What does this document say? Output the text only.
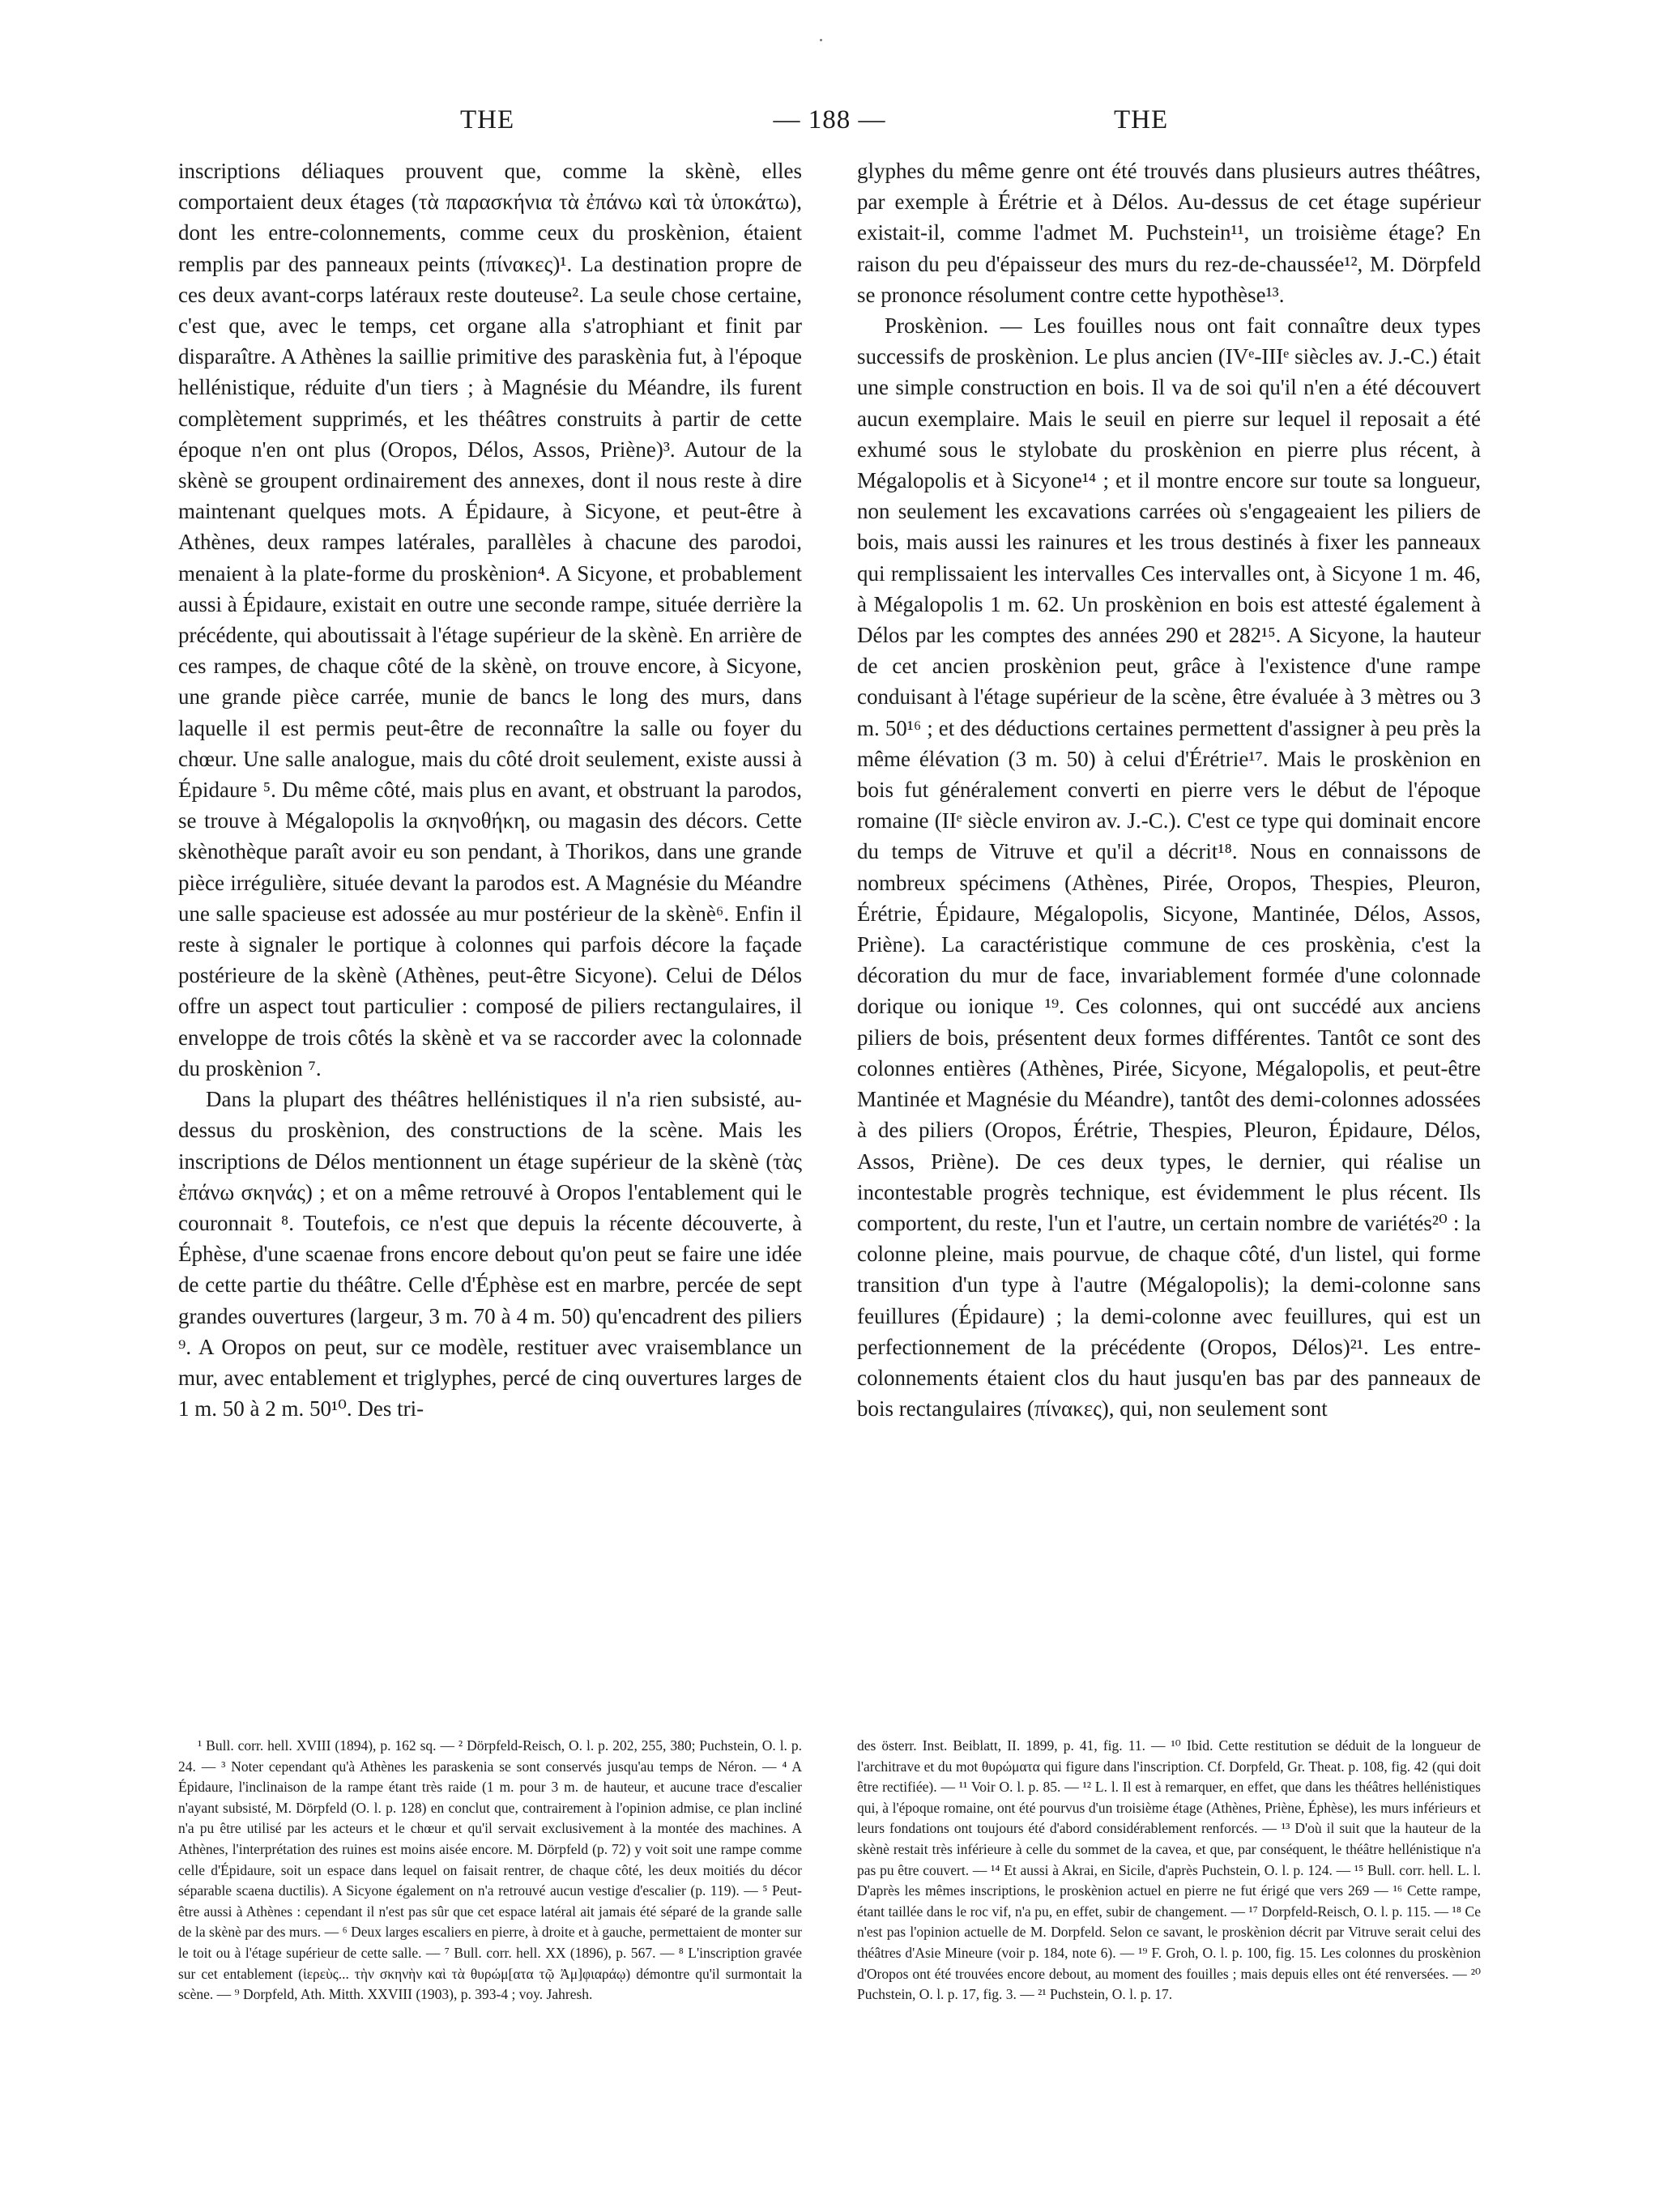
THE	— 188 —	THE

inscriptions déliaques prouvent que, comme la skènè, elles comportaient deux étages (τὰ παρασκήνια τὰ ἐπάνω καὶ τὰ ὑποκάτω), dont les entre-colonnements, comme ceux du proskènion, étaient remplis par des panneaux peints (πίνακες)¹. La destination propre de ces deux avant-corps latéraux reste douteuse². La seule chose certaine, c'est que, avec le temps, cet organe alla s'atrophiant et finit par disparaître. A Athènes la saillie primitive des paraskènia fut, à l'époque hellénistique, réduite d'un tiers ; à Magnésie du Méandre, ils furent complètement supprimés, et les théâtres construits à partir de cette époque n'en ont plus (Oropos, Délos, Assos, Priène)³. Autour de la skènè se groupent ordinairement des annexes, dont il nous reste à dire maintenant quelques mots. A Épidaure, à Sicyone, et peut-être à Athènes, deux rampes latérales, parallèles à chacune des parodoi, menaient à la plate-forme du proskènion⁴. A Sicyone, et probablement aussi à Épidaure, existait en outre une seconde rampe, située derrière la précédente, qui aboutissait à l'étage supérieur de la skènè. En arrière de ces rampes, de chaque côté de la skènè, on trouve encore, à Sicyone, une grande pièce carrée, munie de bancs le long des murs, dans laquelle il est permis peut-être de reconnaître la salle ou foyer du chœur. Une salle analogue, mais du côté droit seulement, existe aussi à Épidaure ⁵. Du même côté, mais plus en avant, et obstruant la parodos, se trouve à Mégalopolis la σκηνοθήκη, ou magasin des décors. Cette skènothèque paraît avoir eu son pendant, à Thorikos, dans une grande pièce irrégulière, située devant la parodos est. A Magnésie du Méandre une salle spacieuse est adossée au mur postérieur de la skènè⁶. Enfin il reste à signaler le portique à colonnes qui parfois décore la façade postérieure de la skènè (Athènes, peut-être Sicyone). Celui de Délos offre un aspect tout particulier : composé de piliers rectangulaires, il enveloppe de trois côtés la skènè et va se raccorder avec la colonnade du proskènion ⁷.

Dans la plupart des théâtres hellénistiques il n'a rien subsisté, au-dessus du proskènion, des constructions de la scène. Mais les inscriptions de Délos mentionnent un étage supérieur de la skènè (τὰς ἐπάνω σκηνάς) ; et on a même retrouvé à Oropos l'entablement qui le couronnait ⁸. Toutefois, ce n'est que depuis la récente découverte, à Éphèse, d'une scaenae frons encore debout qu'on peut se faire une idée de cette partie du théâtre. Celle d'Éphèse est en marbre, percée de sept grandes ouvertures (largeur, 3 m. 70 à 4 m. 50) qu'encadrent des piliers ⁹. A Oropos on peut, sur ce modèle, restituer avec vraisemblance un mur, avec entablement et triglyphes, percé de cinq ouvertures larges de 1 m. 50 à 2 m. 50¹⁰. Des tri-

glyphes du même genre ont été trouvés dans plusieurs autres théâtres, par exemple à Érétrie et à Délos. Au-dessus de cet étage supérieur existait-il, comme l'admet M. Puchstein¹¹, un troisième étage? En raison du peu d'épaisseur des murs du rez-de-chaussée¹², M. Dörpfeld se prononce résolument contre cette hypothèse¹³.

Proskènion. — Les fouilles nous ont fait connaître deux types successifs de proskènion. Le plus ancien (IVᵉ-IIIᵉ siècles av. J.-C.) était une simple construction en bois. Il va de soi qu'il n'en a été découvert aucun exemplaire. Mais le seuil en pierre sur lequel il reposait a été exhumé sous le stylobate du proskènion en pierre plus récent, à Mégalopolis et à Sicyone¹⁴ ; et il montre encore sur toute sa longueur, non seulement les excavations carrées où s'engageaient les piliers de bois, mais aussi les rainures et les trous destinés à fixer les panneaux qui remplissaient les intervalles Ces intervalles ont, à Sicyone 1 m. 46, à Mégalopolis 1 m. 62. Un proskènion en bois est attesté également à Délos par les comptes des années 290 et 282¹⁵. A Sicyone, la hauteur de cet ancien proskènion peut, grâce à l'existence d'une rampe conduisant à l'étage supérieur de la scène, être évaluée à 3 mètres ou 3 m. 50¹⁶ ; et des déductions certaines permettent d'assigner à peu près la même élévation (3 m. 50) à celui d'Érétrie¹⁷. Mais le proskènion en bois fut généralement converti en pierre vers le début de l'époque romaine (IIᵉ siècle environ av. J.-C.). C'est ce type qui dominait encore du temps de Vitruve et qu'il a décrit¹⁸. Nous en connaissons de nombreux spécimens (Athènes, Pirée, Oropos, Thespies, Pleuron, Érétrie, Épidaure, Mégalopolis, Sicyone, Mantinée, Délos, Assos, Priène). La caractéristique commune de ces proskènia, c'est la décoration du mur de face, invariablement formée d'une colonnade dorique ou ionique ¹⁹. Ces colonnes, qui ont succédé aux anciens piliers de bois, présentent deux formes différentes. Tantôt ce sont des colonnes entières (Athènes, Pirée, Sicyone, Mégalopolis, et peut-être Mantinée et Magnésie du Méandre), tantôt des demi-colonnes adossées à des piliers (Oropos, Érétrie, Thespies, Pleuron, Épidaure, Délos, Assos, Priène). De ces deux types, le dernier, qui réalise un incontestable progrès technique, est évidemment le plus récent. Ils comportent, du reste, l'un et l'autre, un certain nombre de variétés²⁰ : la colonne pleine, mais pourvue, de chaque côté, d'un listel, qui forme transition d'un type à l'autre (Mégalopolis); la demi-colonne sans feuillures (Épidaure) ; la demi-colonne avec feuillures, qui est un perfectionnement de la précédente (Oropos, Délos)²¹. Les entre-colonnements étaient clos du haut jusqu'en bas par des panneaux de bois rectangulaires (πίνακες), qui, non seulement sont

¹ Bull. corr. hell. XVIII (1894), p. 162 sq. — ² Dörpfeld-Reisch, O. l. p. 202, 255, 380; Puchstein, O. l. p. 24. — ³ Noter cependant qu'à Athènes les paraskenia se sont conservés jusqu'au temps de Néron. — ⁴ A Épidaure, l'inclinaison de la rampe étant très raide (1 m. pour 3 m. de hauteur, et aucune trace d'escalier n'ayant subsisté, M. Dörpfeld (O. l. p. 128) en conclut que, contrairement à l'opinion admise, ce plan incliné n'a pu être utilisé par les acteurs et le chœur et qu'il servait exclusivement à la montée des machines. A Athènes, l'interprétation des ruines est moins aisée encore. M. Dörpfeld (p. 72) y voit soit une rampe comme celle d'Épidaure, soit un espace dans lequel on faisait rentrer, de chaque côté, les deux moitiés du décor séparable scaena ductilis). A Sicyone également on n'a retrouvé aucun vestige d'escalier (p. 119). — ⁵ Peut-être aussi à Athènes : cependant il n'est pas sûr que cet espace latéral ait jamais été séparé de la grande salle de la skènè par des murs. — ⁶ Deux larges escaliers en pierre, à droite et à gauche, permettaient de monter sur le toit ou à l'étage supérieur de cette salle. — ⁷ Bull. corr. hell. XX (1896), p. 567. — ⁸ L'inscription gravée sur cet entablement (ἱερεὺς... τὴν σκηνὴν καὶ τὰ θυρώμ[ατα τῷ Ἀμ]φιαράῳ) démontre qu'il surmontait la scène. — ⁹ Dorpfeld, Ath. Mitth. XXVIII (1903), p. 393-4 ; voy. Jahresh.

des österr. Inst. Beiblatt, II. 1899, p. 41, fig. 11. — ¹⁰ Ibid. Cette restitution se déduit de la longueur de l'architrave et du mot θυρώματα qui figure dans l'inscription. Cf. Dorpfeld, Gr. Theat. p. 108, fig. 42 (qui doit être rectifiée). — ¹¹ Voir O. l. p. 85. — ¹² L. l. Il est à remarquer, en effet, que dans les théâtres hellénistiques qui, à l'époque romaine, ont été pourvus d'un troisième étage (Athènes, Priène, Éphèse), les murs inférieurs et leurs fondations ont toujours été d'abord considérablement renforcés. — ¹³ D'où il suit que la hauteur de la skènè restait très inférieure à celle du sommet de la cavea, et que, par conséquent, le théâtre hellénistique n'a pas pu être couvert. — ¹⁴ Et aussi à Akrai, en Sicile, d'après Puchstein, O. l. p. 124. — ¹⁵ Bull. corr. hell. L. l. D'après les mêmes inscriptions, le proskènion actuel en pierre ne fut érigé que vers 269 — ¹⁶ Cette rampe, étant taillée dans le roc vif, n'a pu, en effet, subir de changement. — ¹⁷ Dorpfeld-Reisch, O. l. p. 115. — ¹⁸ Ce n'est pas l'opinion actuelle de M. Dorpfeld. Selon ce savant, le proskènion décrit par Vitruve serait celui des théâtres d'Asie Mineure (voir p. 184, note 6). — ¹⁹ F. Groh, O. l. p. 100, fig. 15. Les colonnes du proskènion d'Oropos ont été trouvées encore debout, au moment des fouilles ; mais depuis elles ont été renversées. — ²⁰ Puchstein, O. l. p. 17, fig. 3. — ²¹ Puchstein, O. l. p. 17.
